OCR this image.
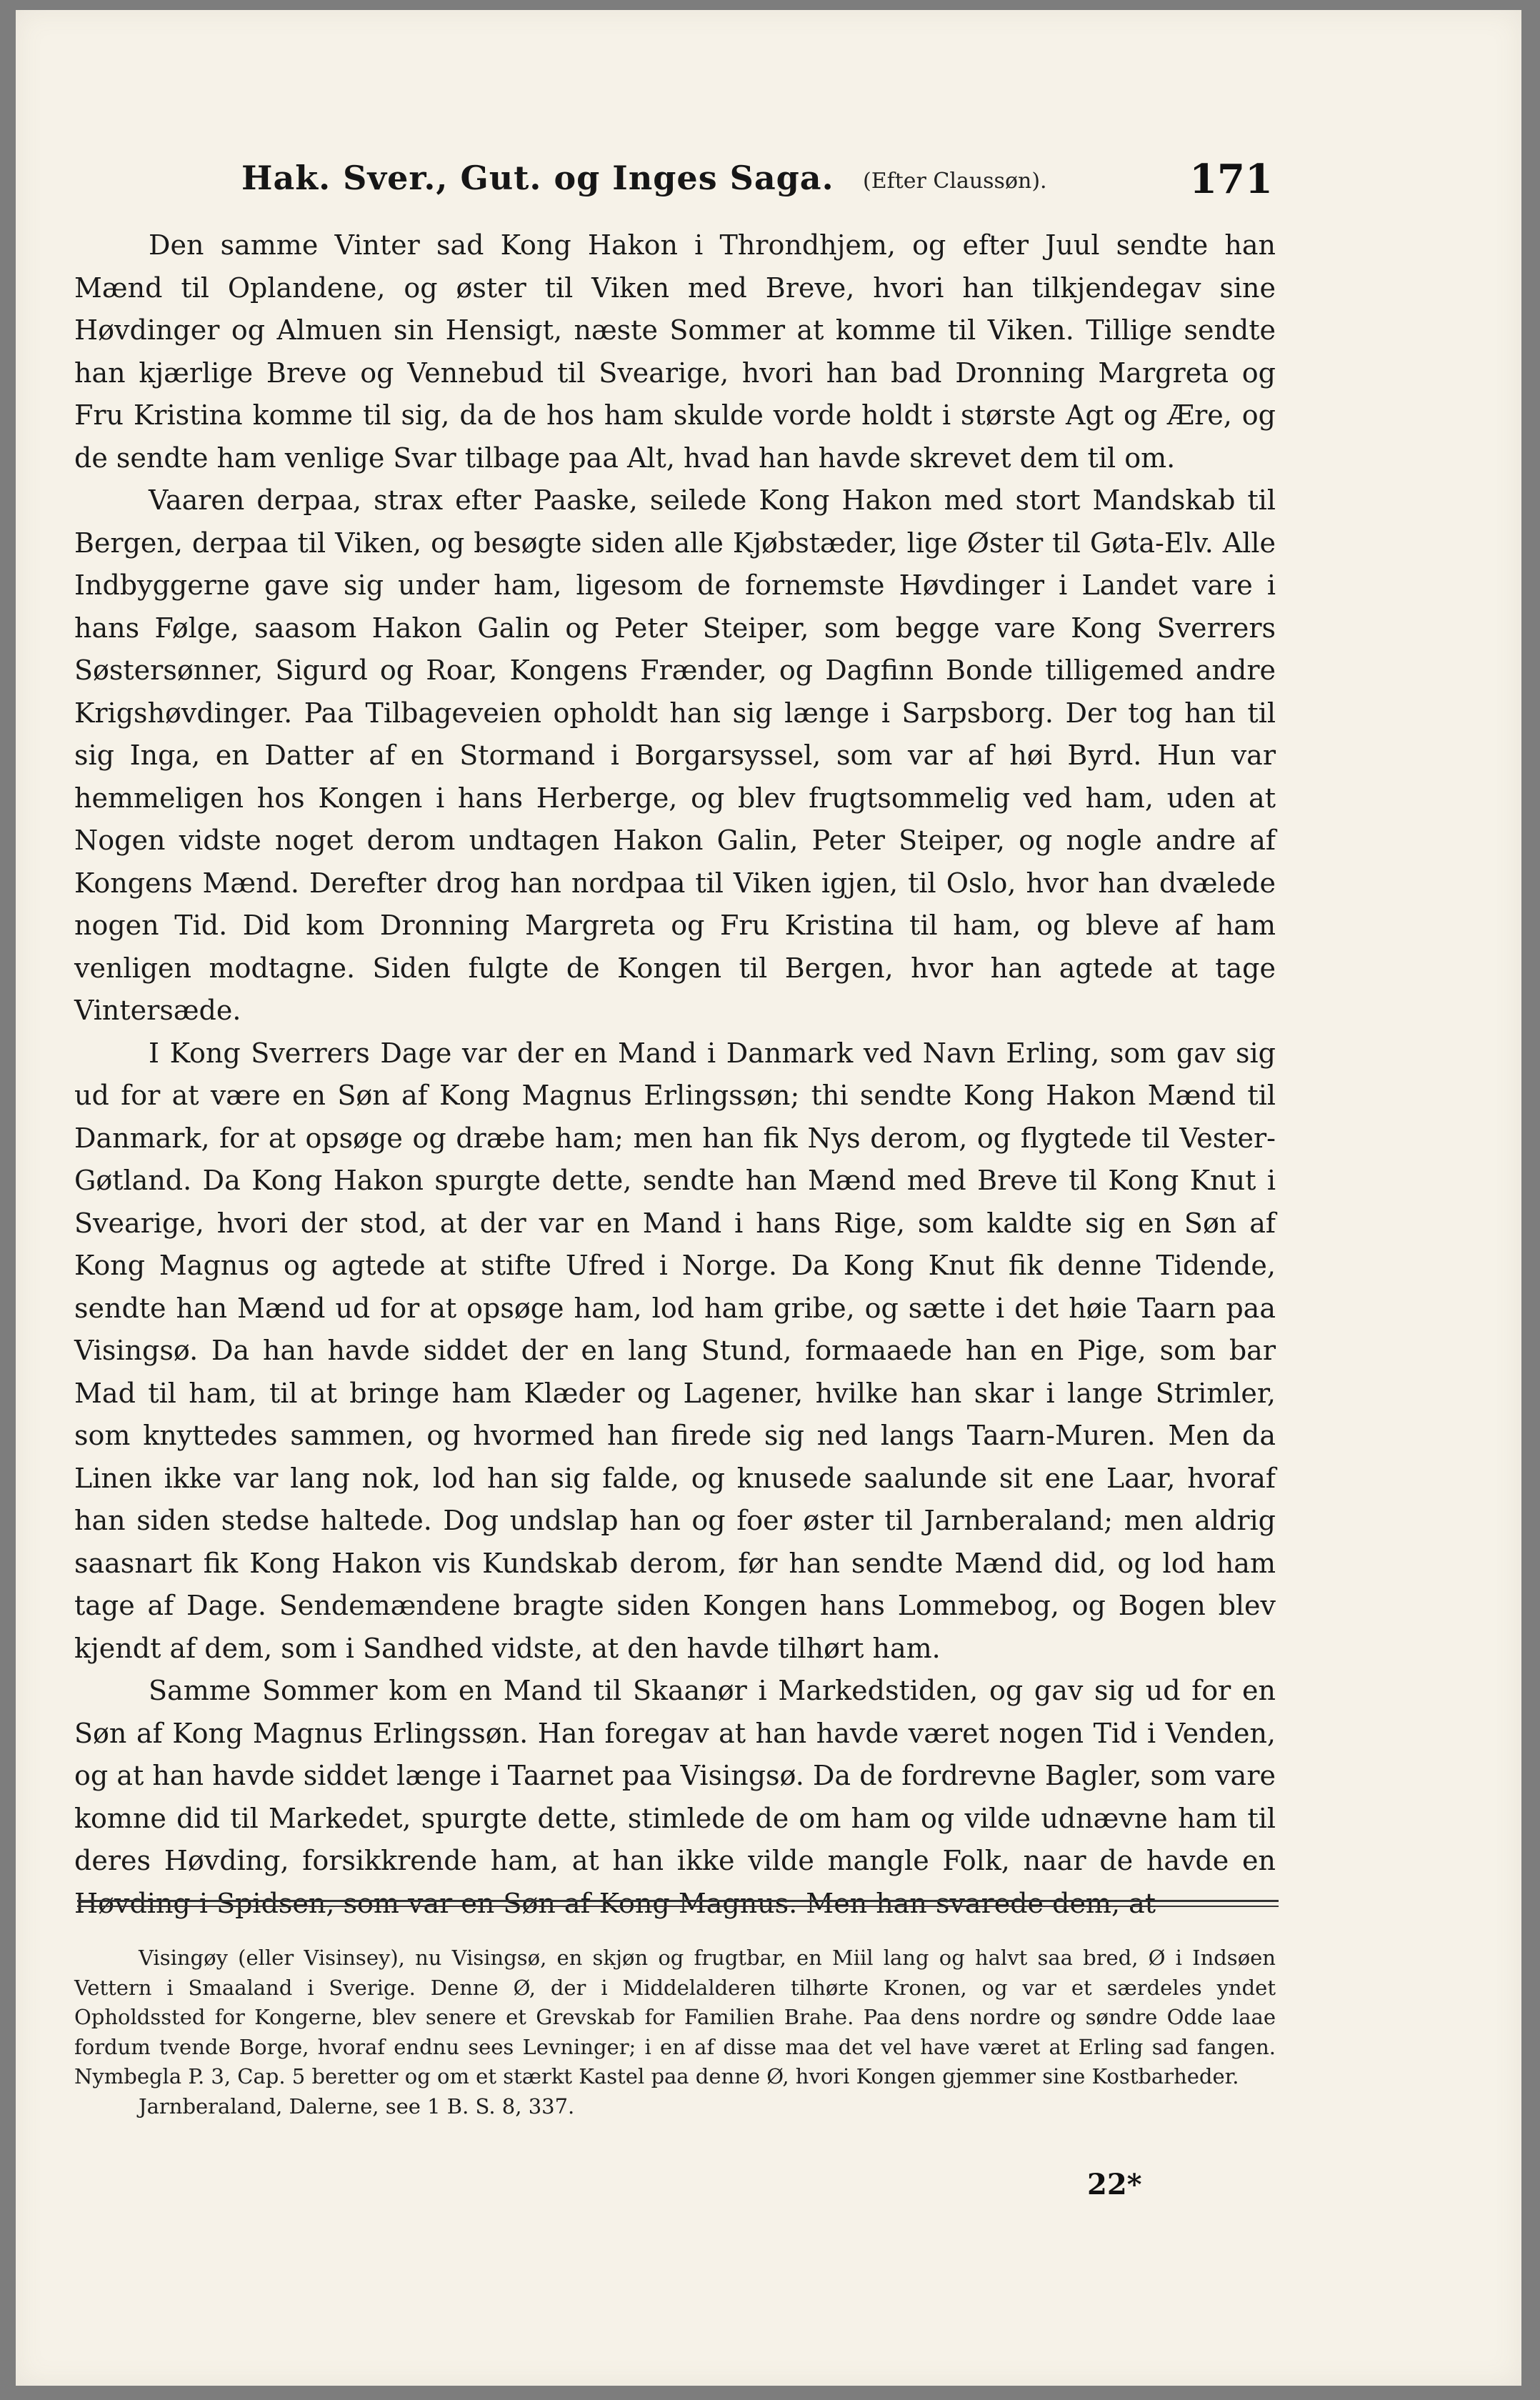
Hak. Sver., Gut. og Inges Saga. (Efter Claussøn).	171

Den samme Vinter sad Kong Hakon i Throndhjem, og efter Juul sendte han Mænd til Oplandene, og øster til Viken med Breve, hvori han tilkjendegav sine Høvdinger og Almuen sin Hensigt, næste Sommer at komme til Viken. Tillige sendte han kjærlige Breve og Vennebud til Svearige, hvori han bad Dronning Margreta og Fru Kristina komme til sig, da de hos ham skulde vorde holdt i største Agt og Ære, og de sendte ham venlige Svar tilbage paa Alt, hvad han havde skrevet dem til om.

Vaaren derpaa, strax efter Paaske, seilede Kong Hakon med stort Mandskab til Bergen, derpaa til Viken, og besøgte siden alle Kjøbstæder, lige Øster til Gøta-Elv. Alle Indbyggerne gave sig under ham, ligesom de fornemste Høvdinger i Landet vare i hans Følge, saasom Hakon Galin og Peter Steiper, som begge vare Kong Sverrers Søstersønner, Sigurd og Roar, Kongens Frænder, og Dagfinn Bonde tilligemed andre Krigshøvdinger. Paa Tilbageveien opholdt han sig længe i Sarpsborg. Der tog han til sig Inga, en Datter af en Stormand i Borgarsyssel, som var af høi Byrd. Hun var hemmeligen hos Kongen i hans Herberge, og blev frugtsommelig ved ham, uden at Nogen vidste noget derom undtagen Hakon Galin, Peter Steiper, og nogle andre af Kongens Mænd. Derefter drog han nordpaa til Viken igjen, til Oslo, hvor han dvælede nogen Tid. Did kom Dronning Margreta og Fru Kristina til ham, og bleve af ham venligen modtagne. Siden fulgte de Kongen til Bergen, hvor han agtede at tage Vintersæde.

I Kong Sverrers Dage var der en Mand i Danmark ved Navn Erling, som gav sig ud for at være en Søn af Kong Magnus Erlingssøn; thi sendte Kong Hakon Mænd til Danmark, for at opsøge og dræbe ham; men han fik Nys derom, og flygtede til Vester-Gøtland. Da Kong Hakon spurgte dette, sendte han Mænd med Breve til Kong Knut i Svearige, hvori der stod, at der var en Mand i hans Rige, som kaldte sig en Søn af Kong Magnus og agtede at stifte Ufred i Norge. Da Kong Knut fik denne Tidende, sendte han Mænd ud for at opsøge ham, lod ham gribe, og sætte i det høie Taarn paa Visingsø. Da han havde siddet der en lang Stund, formaaede han en Pige, som bar Mad til ham, til at bringe ham Klæder og Lagener, hvilke han skar i lange Strimler, som knyttedes sammen, og hvormed han firede sig ned langs Taarn-Muren. Men da Linen ikke var lang nok, lod han sig falde, og knusede saalunde sit ene Laar, hvoraf han siden stedse haltede. Dog undslap han og foer øster til Jarnberaland; men aldrig saasnart fik Kong Hakon vis Kundskab derom, før han sendte Mænd did, og lod ham tage af Dage. Sendemændene bragte siden Kongen hans Lommebog, og Bogen blev kjendt af dem, som i Sandhed vidste, at den havde tilhørt ham.

Samme Sommer kom en Mand til Skaanør i Markedstiden, og gav sig ud for en Søn af Kong Magnus Erlingssøn. Han foregav at han havde været nogen Tid i Venden, og at han havde siddet længe i Taarnet paa Visingsø. Da de fordrevne Bagler, som vare komne did til Markedet, spurgte dette, stimlede de om ham og vilde udnævne ham til deres Høvding, forsikkrende ham, at han ikke vilde mangle Folk, naar de havde en Høvding i Spidsen, som var en Søn af Kong Magnus. Men han svarede dem, at

Visingøy (eller Visinsey), nu Visingsø, en skjøn og frugtbar, en Miil lang og halvt saa bred, Ø i Indsøen Vettern i Smaaland i Sverige. Denne Ø, der i Middelalderen tilhørte Kronen, og var et særdeles yndet Opholdssted for Kongerne, blev senere et Grevskab for Familien Brahe. Paa dens nordre og søndre Odde laae fordum tvende Borge, hvoraf endnu sees Levninger; i en af disse maa det vel have været at Erling sad fangen. Nymbegla P. 3, Cap. 5 beretter og om et stærkt Kastel paa denne Ø, hvori Kongen gjemmer sine Kostbarheder.

Jarnberaland, Dalerne, see 1 B. S. 8, 337.

22*
